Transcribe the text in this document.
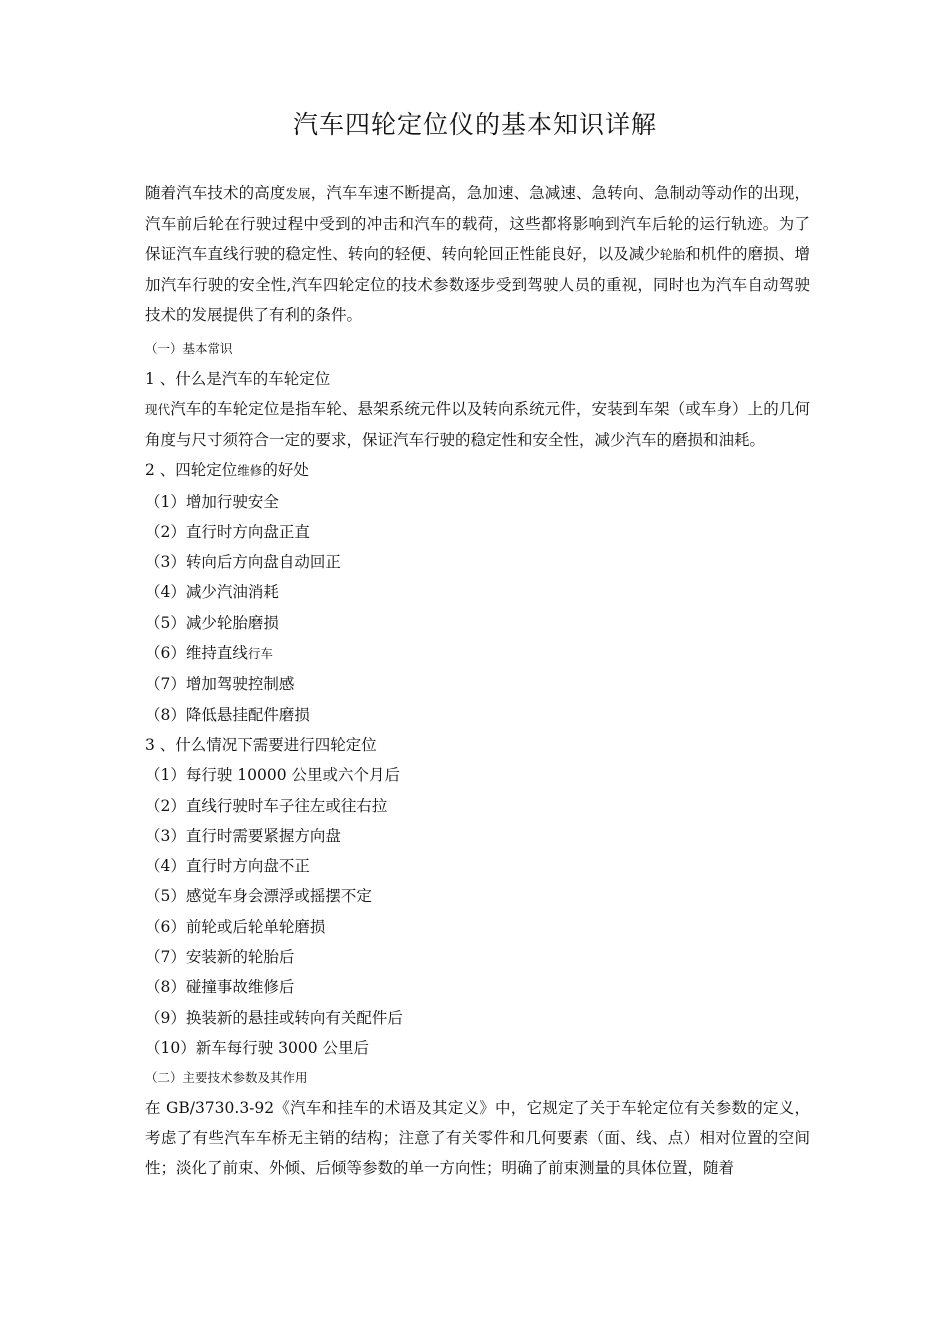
汽车四轮定位仪的基本知识详解

随着汽车技术的高度发展，汽车车速不断提高，急加速、急减速、急转向、急制动等动作的出现，汽车前后轮在行驶过程中受到的冲击和汽车的载荷，这些都将影响到汽车后轮的运行轨迹。为了保证汽车直线行驶的稳定性、转向的轻便、转向轮回正性能良好，以及减少轮胎和机件的磨损、增加汽车行驶的安全性,汽车四轮定位的技术参数逐步受到驾驶人员的重视，同时也为汽车自动驾驶技术的发展提供了有利的条件。

（一）基本常识

1 、什么是汽车的车轮定位

现代汽车的车轮定位是指车轮、悬架系统元件以及转向系统元件，安装到车架（或车身）上的几何角度与尺寸须符合一定的要求，保证汽车行驶的稳定性和安全性，减少汽车的磨损和油耗。

2 、四轮定位维修的好处

（1）增加行驶安全

（2）直行时方向盘正直

（3）转向后方向盘自动回正

（4）减少汽油消耗

（5）减少轮胎磨损

（6）维持直线行车

（7）增加驾驶控制感

（8）降低悬挂配件磨损

3 、什么情况下需要进行四轮定位

（1）每行驶 10000 公里或六个月后

（2）直线行驶时车子往左或往右拉

（3）直行时需要紧握方向盘

（4）直行时方向盘不正

（5）感觉车身会漂浮或摇摆不定

（6）前轮或后轮单轮磨损

（7）安装新的轮胎后

（8）碰撞事故维修后

（9）换装新的悬挂或转向有关配件后

（10）新车每行驶 3000 公里后

（二）主要技术参数及其作用

在 GB/3730.3-92《汽车和挂车的术语及其定义》中，它规定了关于车轮定位有关参数的定义，考虑了有些汽车车桥无主销的结构；注意了有关零件和几何要素（面、线、点）相对位置的空间性；淡化了前束、外倾、后倾等参数的单一方向性；明确了前束测量的具体位置，随着
